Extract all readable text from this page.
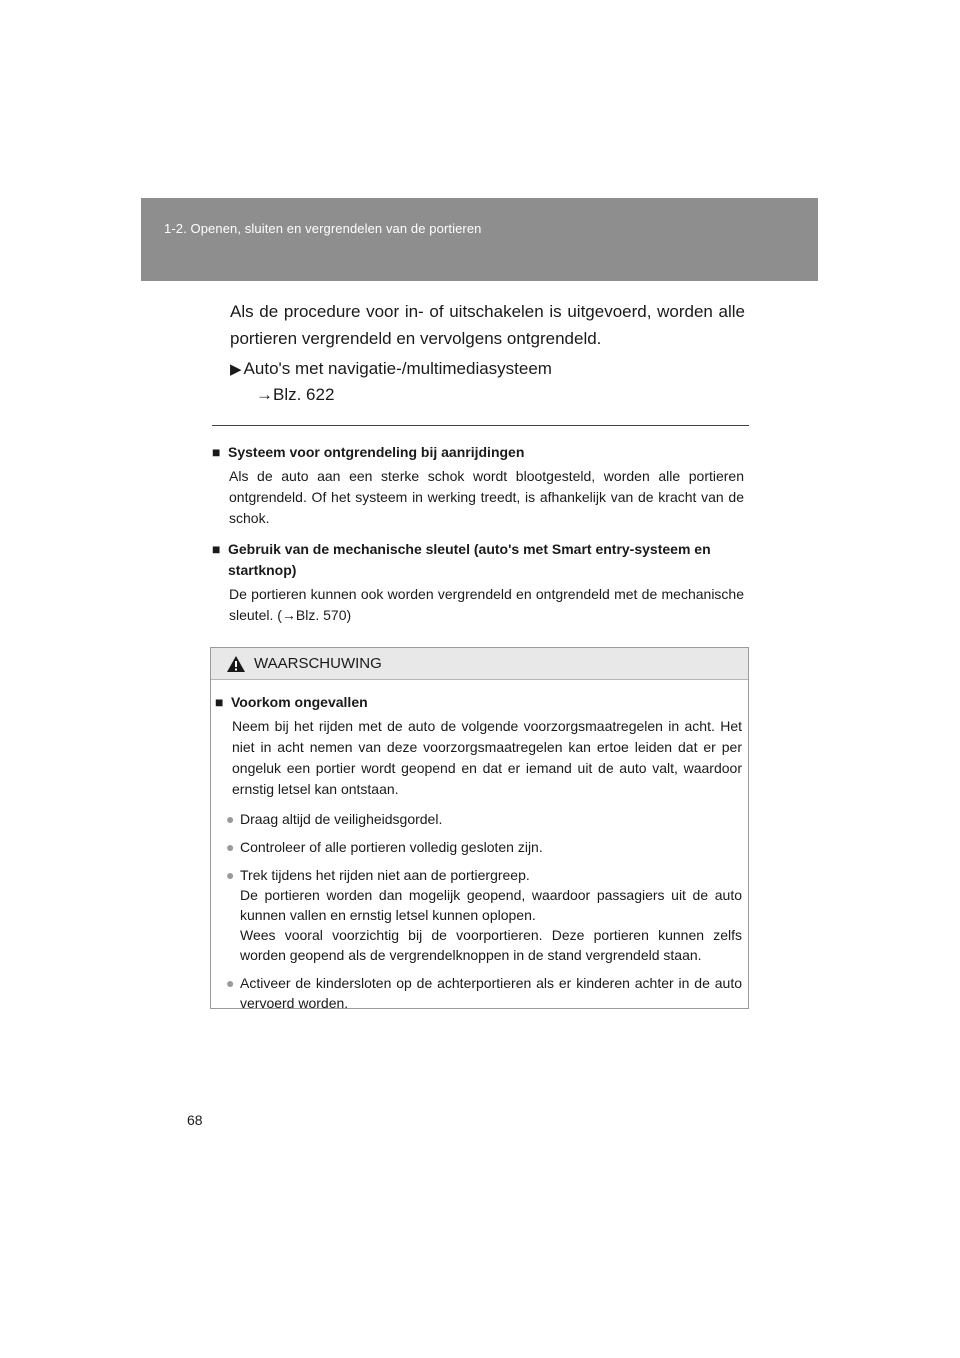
1-2. Openen, sluiten en vergrendelen van de portieren
Als de procedure voor in- of uitschakelen is uitgevoerd, worden alle portieren vergrendeld en vervolgens ontgrendeld.
▶ Auto's met navigatie-/multimediasysteem
→Blz. 622
■ Systeem voor ontgrendeling bij aanrijdingen
Als de auto aan een sterke schok wordt blootgesteld, worden alle portieren ontgrendeld. Of het systeem in werking treedt, is afhankelijk van de kracht van de schok.
■ Gebruik van de mechanische sleutel (auto's met Smart entry-systeem en startknop)
De portieren kunnen ook worden vergrendeld en ontgrendeld met de mechanische sleutel. (→Blz. 570)
WAARSCHUWING
■ Voorkom ongevallen
Neem bij het rijden met de auto de volgende voorzorgsmaatregelen in acht. Het niet in acht nemen van deze voorzorgsmaatregelen kan ertoe leiden dat er per ongeluk een portier wordt geopend en dat er iemand uit de auto valt, waardoor ernstig letsel kan ontstaan.
● Draag altijd de veiligheidsgordel.
● Controleer of alle portieren volledig gesloten zijn.
● Trek tijdens het rijden niet aan de portiergreep.
De portieren worden dan mogelijk geopend, waardoor passagiers uit de auto kunnen vallen en ernstig letsel kunnen oplopen.
Wees vooral voorzichtig bij de voorportieren. Deze portieren kunnen zelfs worden geopend als de vergrendelknoppen in de stand vergrendeld staan.
● Activeer de kindersloten op de achterportieren als er kinderen achter in de auto vervoerd worden.
68
